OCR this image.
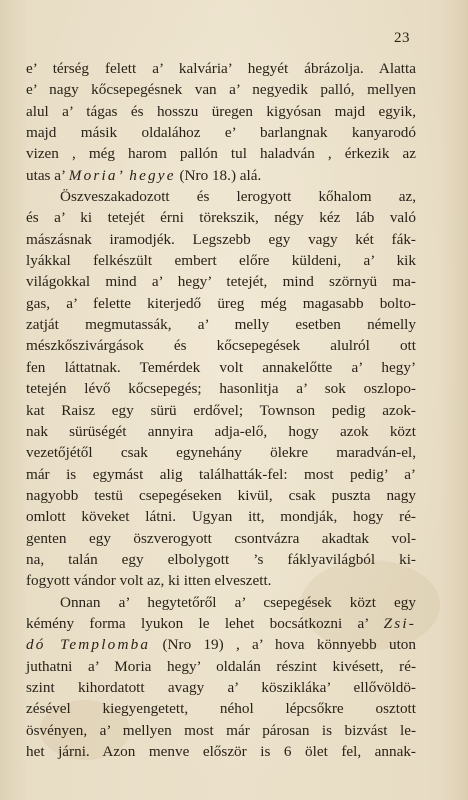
23
e’ térség felett a’ kalvária’ hegyét ábrázolja. Alatta
e’ nagy kőcsepegésnek van a’ negyedik palló, mellyen
alul a’ tágas és hosszu üregen kigyósan majd egyik,
majd másik oldalához e’ barlangnak kanyarodó
vizen , még harom pallón tul haladván , érkezik az
utas a’ Moria’ hegye (Nro 18.) alá.
Öszveszakadozott és lerogyott kőhalom az,
és a’ ki tetejét érni törekszik, négy kéz láb való
mászásnak iramodjék. Legszebb egy vagy két fák-
lyákkal felkészült embert előre küldeni, a’ kik
világokkal mind a’ hegy’ tetejét, mind szörnyü ma-
gas, a’ felette kiterjedő üreg még magasabb bolto-
zatját megmutassák, a’ melly esetben némelly
mészkőszivárgások és kőcsepegések alulról ott
fen láttatnak. Temérdek volt annakelőtte a’ hegy’
tetején lévő kőcsepegés; hasonlitja a’ sok oszlopo-
kat Raisz egy sürü erdővel; Townson pedig azok-
nak sürüségét annyira adja-elő, hogy azok közt
vezetőjétől csak egynehány ölekre maradván-el,
már is egymást alig találhatták-fel: most pedig’ a’
nagyobb testü csepegéseken kivül, csak puszta nagy
omlott köveket látni. Ugyan itt, mondják, hogy ré-
genten egy öszverogyott csontvázra akadtak vol-
na, talán egy elbolygott ’s fáklyavilágból ki-
fogyott vándor volt az, ki itten elveszett.
Onnan a’ hegytetőről a’ csepegések közt egy
kémény forma lyukon le lehet bocsátkozni a’ Zsi-
dó Templomba (Nro 19) , a’ hova könnyebb uton
juthatni a’ Moria hegy’ oldalán részint kivésett, ré-
szint kihordatott avagy a’ köszikláka’ ellővöldö-
zésével kiegyengetett, néhol lépcsőkre osztott
ösvényen, a’ mellyen most már párosan is bizvást le-
het járni. Azon menve először is 6 ölet fel, annak-
